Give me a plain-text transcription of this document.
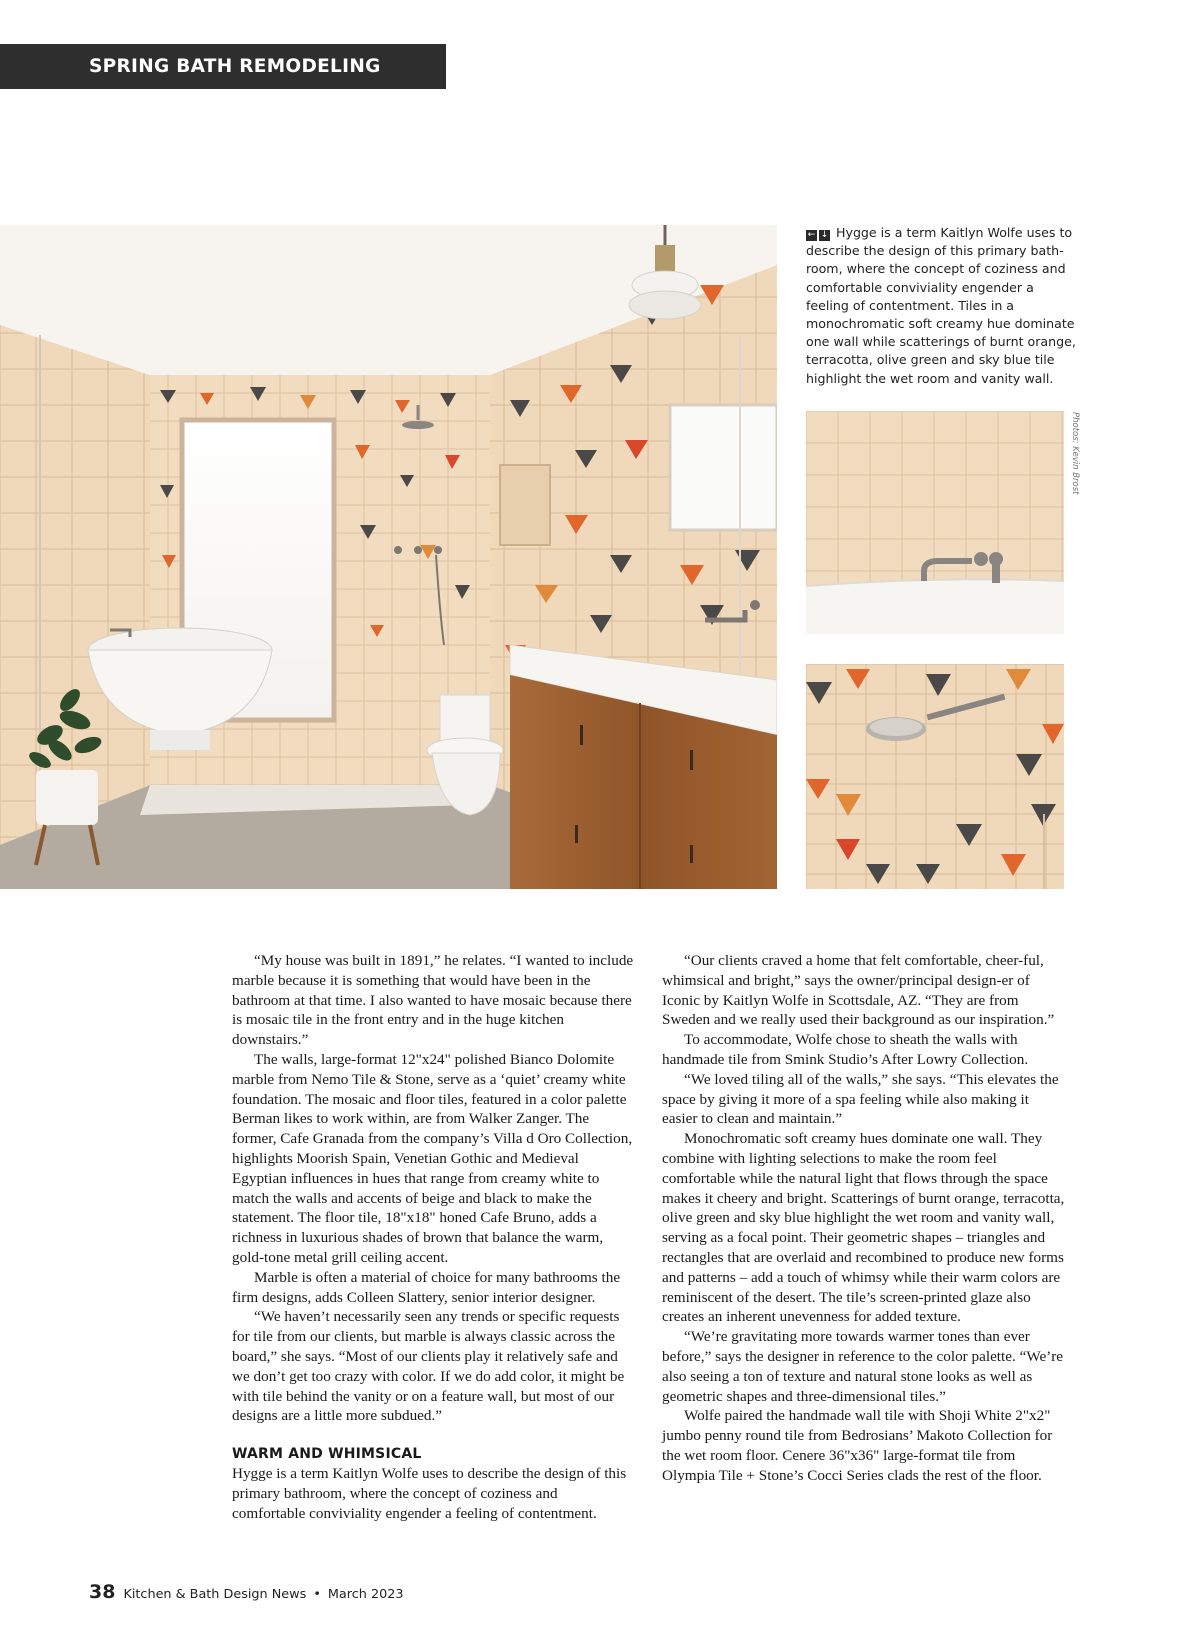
SPRING BATH REMODELING REPORT
← ↓ Hygge is a term Kaitlyn Wolfe uses to describe the design of this primary bath-room, where the concept of coziness and comfortable conviviality engender a feeling of contentment. Tiles in a monochromatic soft creamy hue dominate one wall while scatterings of burnt orange, terracotta, olive green and sky blue tile highlight the wet room and vanity wall.
Photos: Kevin Brost

“My house was built in 1891,” he relates. “I wanted to include marble because it is something that would have been in the bathroom at that time. I also wanted to have mosaic because there is mosaic tile in the front entry and in the huge kitchen downstairs.”

The walls, large-format 12"x24" polished Bianco Dolomite marble from Nemo Tile & Stone, serve as a ‘quiet’ creamy white foundation. The mosaic and floor tiles, featured in a color palette Berman likes to work within, are from Walker Zanger. The former, Cafe Granada from the company’s Villa d Oro Collection, highlights Moorish Spain, Venetian Gothic and Medieval Egyptian influences in hues that range from creamy white to match the walls and accents of beige and black to make the statement. The floor tile, 18"x18" honed Cafe Bruno, adds a richness in luxurious shades of brown that balance the warm, gold-tone metal grill ceiling accent.

Marble is often a material of choice for many bathrooms the firm designs, adds Colleen Slattery, senior interior designer.

“We haven’t necessarily seen any trends or specific requests for tile from our clients, but marble is always classic across the board,” she says. “Most of our clients play it relatively safe and we don’t get too crazy with color. If we do add color, it might be with tile behind the vanity or on a feature wall, but most of our designs are a little more subdued.”

WARM AND WHIMSICAL

Hygge is a term Kaitlyn Wolfe uses to describe the design of this primary bathroom, where the concept of coziness and comfortable conviviality engender a feeling of contentment.

“Our clients craved a home that felt comfortable, cheer-ful, whimsical and bright,” says the owner/principal design-er of Iconic by Kaitlyn Wolfe in Scottsdale, AZ. “They are from Sweden and we really used their background as our inspiration.”

To accommodate, Wolfe chose to sheath the walls with handmade tile from Smink Studio’s After Lowry Collection.

“We loved tiling all of the walls,” she says. “This elevates the space by giving it more of a spa feeling while also making it easier to clean and maintain.”

Monochromatic soft creamy hues dominate one wall. They combine with lighting selections to make the room feel comfortable while the natural light that flows through the space makes it cheery and bright. Scatterings of burnt orange, terracotta, olive green and sky blue highlight the wet room and vanity wall, serving as a focal point. Their geometric shapes – triangles and rectangles that are overlaid and recombined to produce new forms and patterns – add a touch of whimsy while their warm colors are reminiscent of the desert. The tile’s screen-printed glaze also creates an inherent unevenness for added texture.

“We’re gravitating more towards warmer tones than ever before,” says the designer in reference to the color palette. “We’re also seeing a ton of texture and natural stone looks as well as geometric shapes and three-dimensional tiles.”

Wolfe paired the handmade wall tile with Shoji White 2"x2" jumbo penny round tile from Bedrosians’ Makoto Collection for the wet room floor. Cenere 36"x36" large-format tile from Olympia Tile + Stone’s Cocci Series clads the rest of the floor.

38 Kitchen & Bath Design News • March 2023
